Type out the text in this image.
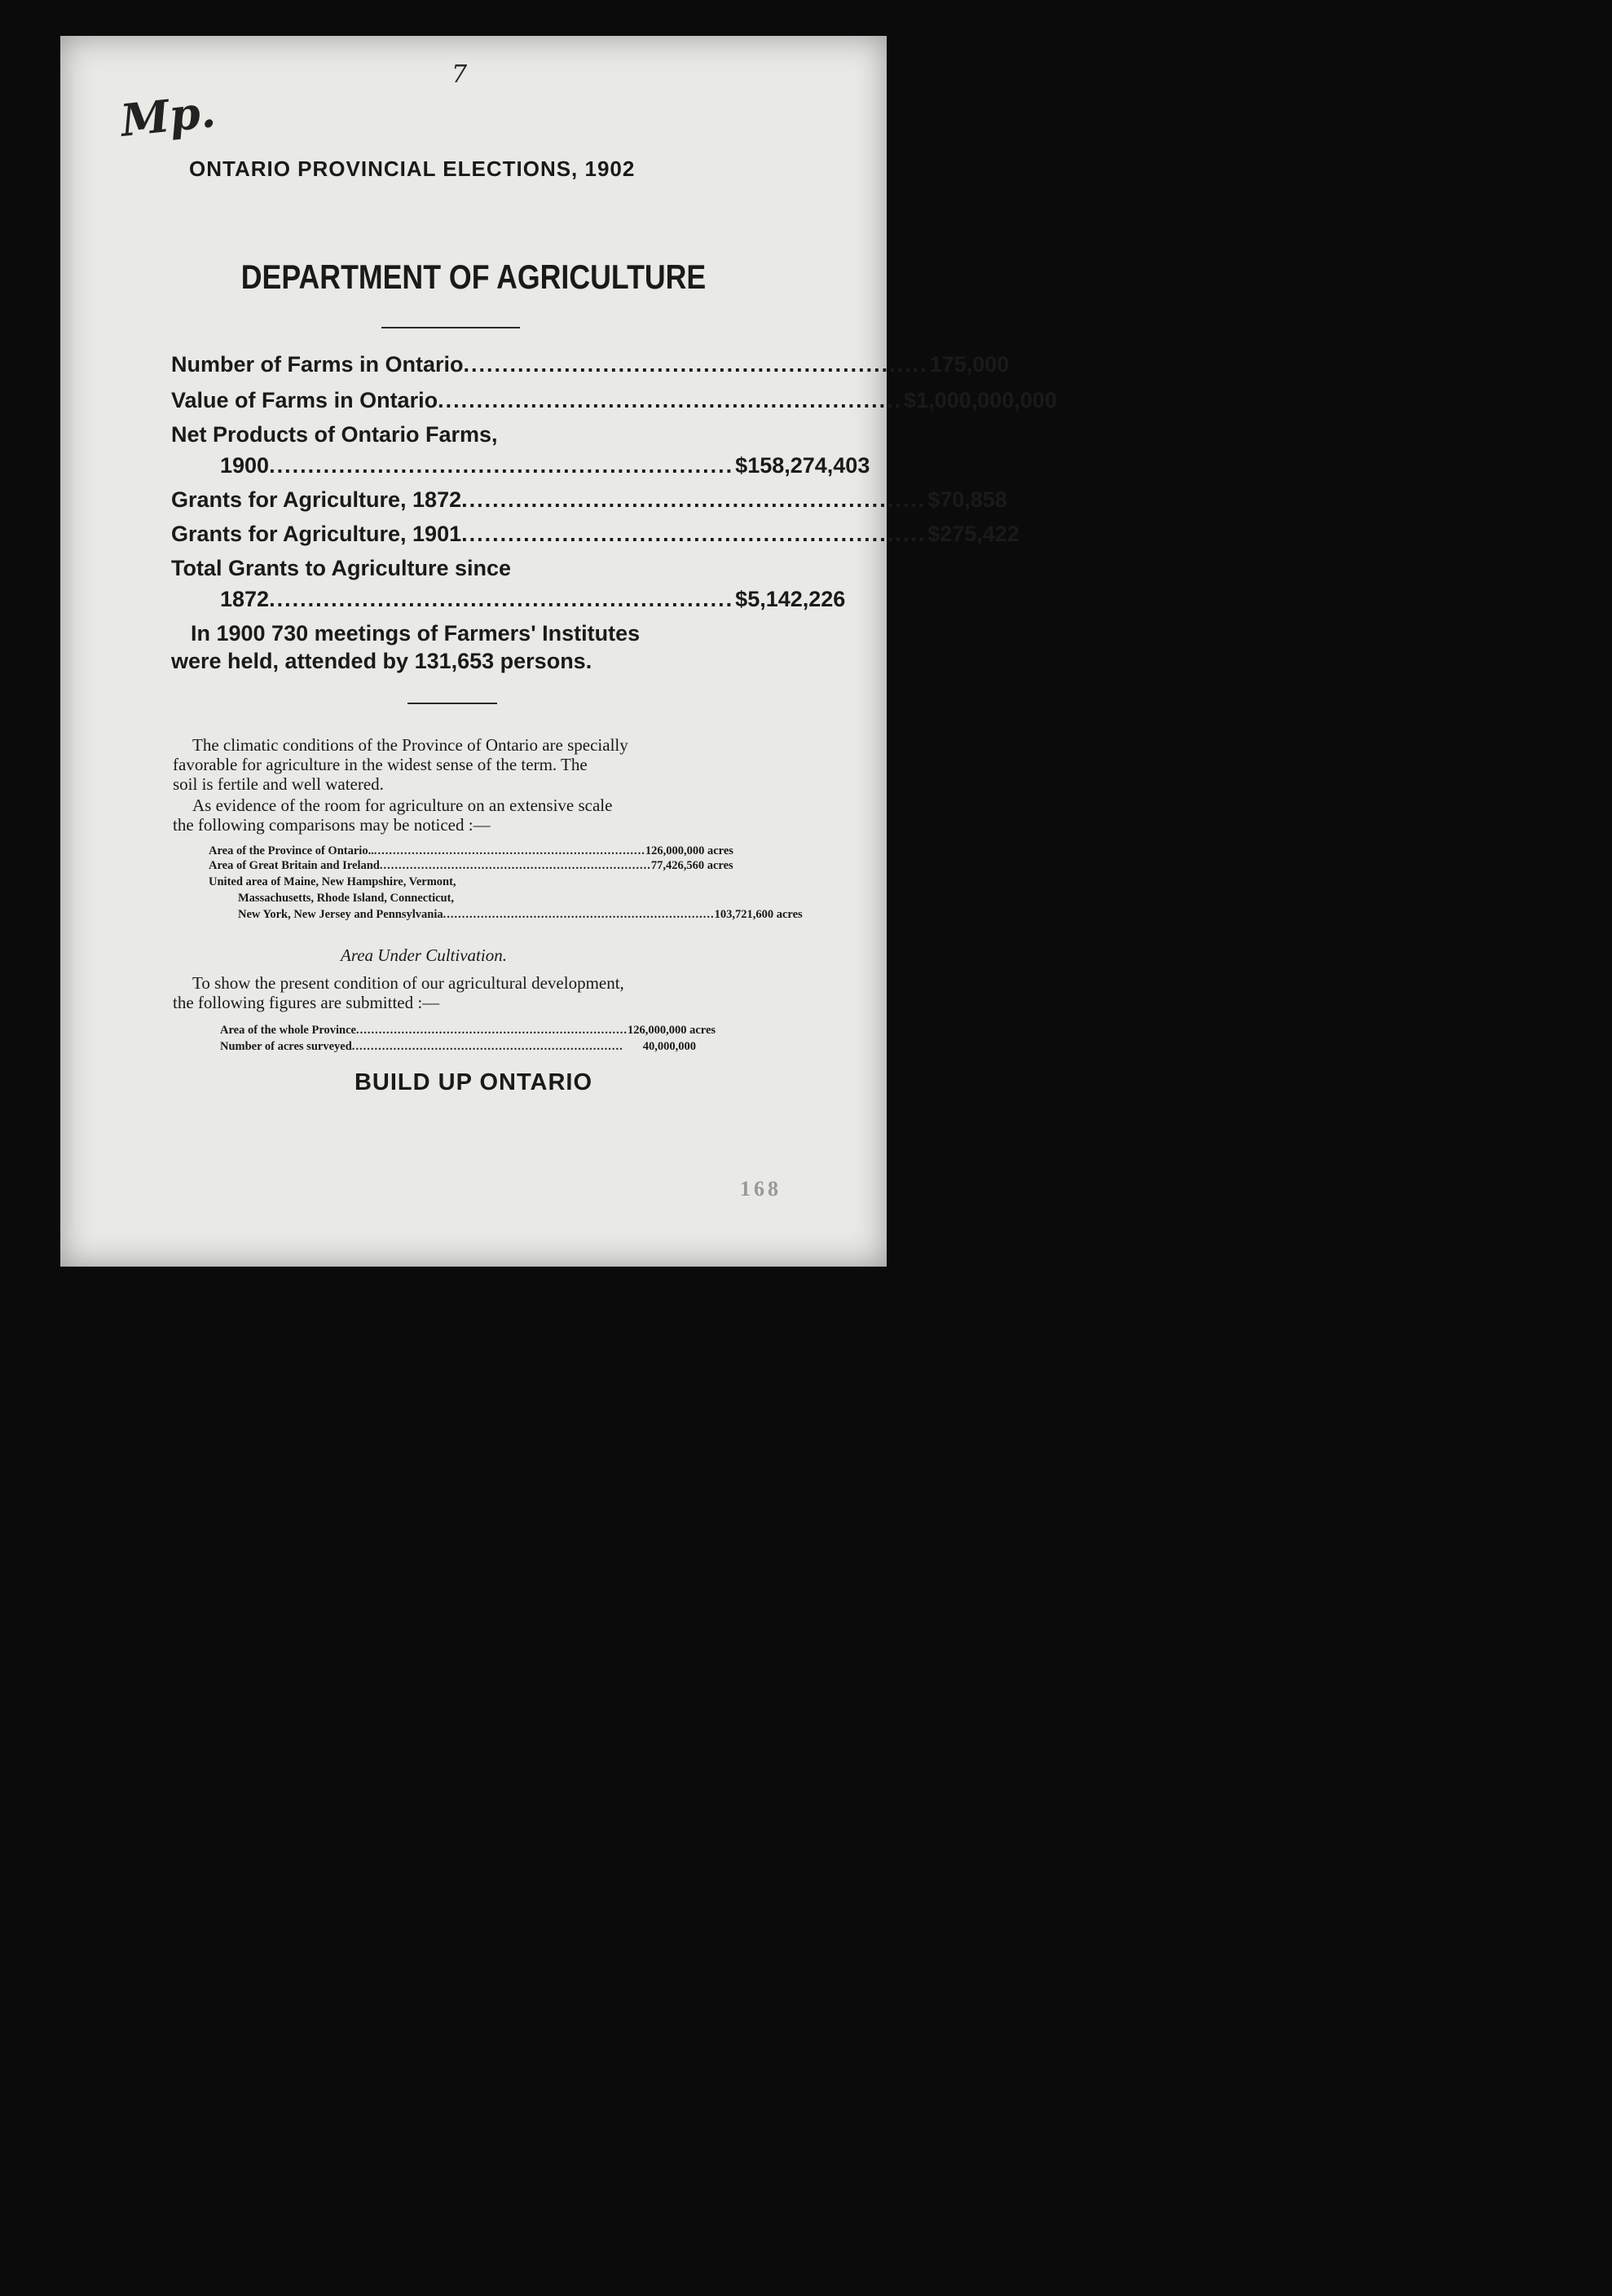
7
Mp.
ONTARIO PROVINCIAL ELECTIONS, 1902
DEPARTMENT OF AGRICULTURE
Number of Farms in Ontario ............................................................ 175,000
Value of Farms in Ontario ............................................................ $1,000,000,000
Net Products of Ontario Farms,
1900 ............................................................ $158,274,403
Grants for Agriculture, 1872 ............................................................ $70,858
Grants for Agriculture, 1901 ............................................................ $275,422
Total Grants to Agriculture since
1872 ............................................................ $5,142,226
In 1900 730 meetings of Farmers' Institutes
were held, attended by 131,653 persons.
The climatic conditions of the Province of Ontario are specially
favorable for agriculture in the widest sense of the term. The
soil is fertile and well watered.
As evidence of the room for agriculture on an extensive scale
the following comparisons may be noticed :—
Area of the Province of Ontario.. ........................................................................ 126,000,000 acres
Area of Great Britain and Ireland ........................................................................ 77,426,560 acres
United area of Maine, New Hampshire, Vermont,
Massachusetts, Rhode Island, Connecticut,
New York, New Jersey and Pennsylvania ........................................................................ 103,721,600 acres
Area Under Cultivation.
To show the present condition of our agricultural development,
the following figures are submitted :—
Area of the whole Province ........................................................................ 126,000,000 acres
Number of acres surveyed ........................................................................	40,000,000
BUILD UP ONTARIO
168
